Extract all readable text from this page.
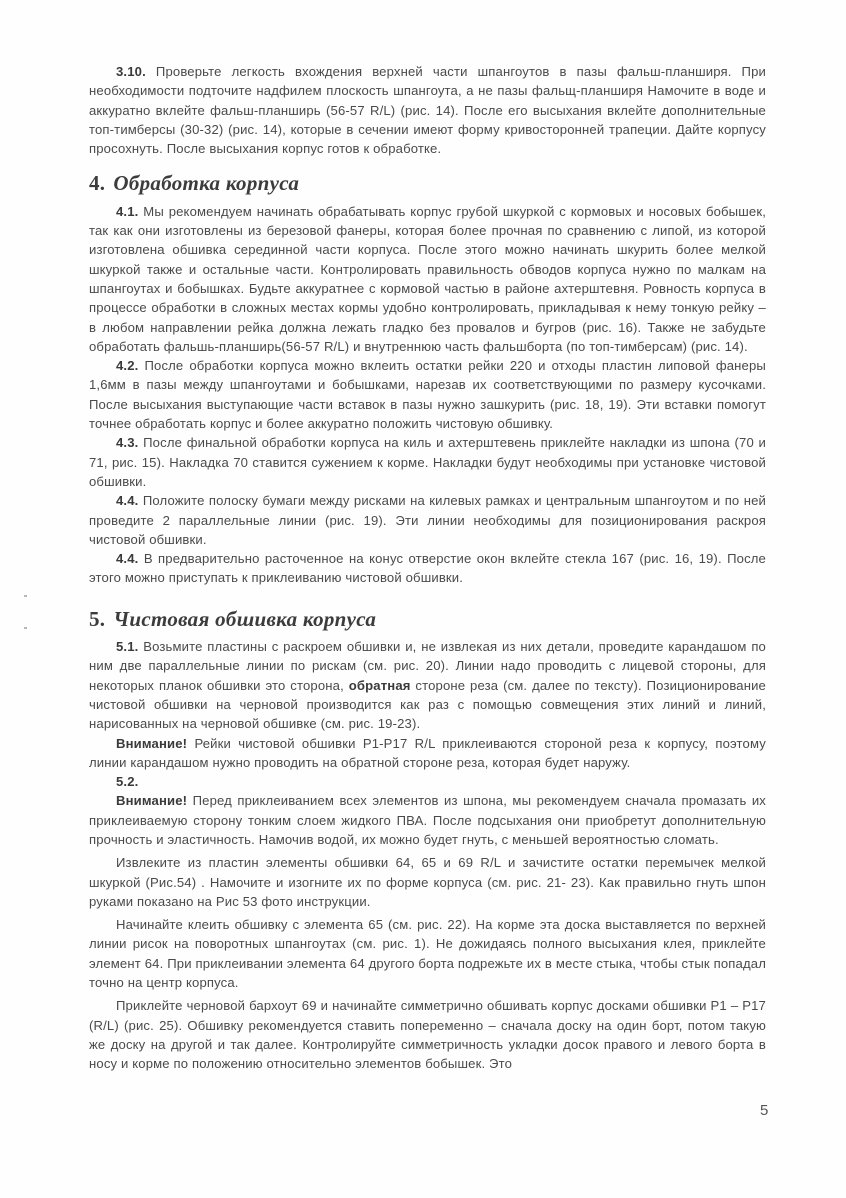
3.10. Проверьте легкость вхождения верхней части шпангоутов в пазы фальш-планширя. При необходимости подточите надфилем плоскость шпангоута, а не пазы фальщ-планширя Намочите в воде и аккуратно вклейте фальш-планширь (56-57 R/L) (рис. 14). После его высыхания вклейте дополнительные топ-тимберсы (30-32) (рис. 14), которые в сечении имеют форму кривосторонней трапеции. Дайте корпусу просохнуть. После высыхания корпус готов к обработке.

4. Обработка корпуса

4.1. Мы рекомендуем начинать обрабатывать корпус грубой шкуркой с кормовых и носовых бобышек, так как они изготовлены из березовой фанеры, которая более прочная по сравнению с липой, из которой изготовлена обшивка серединной части корпуса. После этого можно начинать шкурить более мелкой шкуркой также и остальные части. Контролировать правильность обводов корпуса нужно по малкам на шпангоутах и бобышках. Будьте аккуратнее с кормовой частью в районе ахтерштевня. Ровность корпуса в процессе обработки в сложных местах кормы удобно контролировать, прикладывая к нему тонкую рейку – в любом направлении рейка должна лежать гладко без провалов и бугров (рис. 16). Также не забудьте обработать фальшь-планширь(56-57 R/L) и внутреннюю часть фальшборта (по топ-тимберсам) (рис. 14).

4.2. После обработки корпуса можно вклеить остатки рейки 220 и отходы пластин липовой фанеры 1,6мм в пазы между шпангоутами и бобышками, нарезав их соответствующими по размеру кусочками. После высыхания выступающие части вставок в пазы нужно зашкурить (рис. 18, 19). Эти вставки помогут точнее обработать корпус и более аккуратно положить чистовую обшивку.

4.3. После финальной обработки корпуса на киль и ахтерштевень приклейте накладки из шпона (70 и 71, рис. 15). Накладка 70 ставится сужением к корме. Накладки будут необходимы при установке чистовой обшивки.

4.4. Положите полоску бумаги между рисками на килевых рамках и центральным шпангоутом и по ней проведите 2 параллельные линии (рис. 19). Эти линии необходимы для позиционирования раскроя чистовой обшивки.

4.4. В предварительно расточенное на конус отверстие окон вклейте стекла 167 (рис. 16, 19). После этого можно приступать к приклеиванию чистовой обшивки.

5. Чистовая обшивка корпуса

5.1. Возьмите пластины с раскроем обшивки и, не извлекая из них детали, проведите карандашом по ним две параллельные линии по рискам (см. рис. 20). Линии надо проводить с лицевой стороны, для некоторых планок обшивки это сторона, обратная стороне реза (см. далее по тексту). Позиционирование чистовой обшивки на черновой производится как раз с помощью совмещения этих линий и линий, нарисованных на черновой обшивке (см. рис. 19-23).

Внимание! Рейки чистовой обшивки Р1-Р17 R/L приклеиваются стороной реза к корпусу, поэтому линии карандашом нужно проводить на обратной стороне реза, которая будет наружу.

5.2.

Внимание! Перед приклеиванием всех элементов из шпона, мы рекомендуем сначала промазать их приклеиваемую сторону тонким слоем жидкого ПВА. После подсыхания они приобретут дополнительную прочность и эластичность. Намочив водой, их можно будет гнуть, с меньшей вероятностью сломать.

Извлеките из пластин элементы обшивки 64, 65 и 69 R/L и зачистите остатки перемычек мелкой шкуркой (Рис.54) . Намочите и изогните их по форме корпуса (см. рис. 21- 23). Как правильно гнуть шпон руками показано на Рис 53 фото инструкции.

Начинайте клеить обшивку с элемента 65 (см. рис. 22). На корме эта доска выставляется по верхней линии рисок на поворотных шпангоутах (см. рис. 1). Не дожидаясь полного высыхания клея, приклейте элемент 64. При приклеивании элемента 64 другого борта подрежьте их в месте стыка, чтобы стык попадал точно на центр корпуса.

Приклейте черновой бархоут 69 и начинайте симметрично обшивать корпус досками обшивки Р1 – Р17 (R/L) (рис. 25). Обшивку рекомендуется ставить попеременно – сначала доску на один борт, потом такую же доску на другой и так далее. Контролируйте симметричность укладки досок правого и левого борта в носу и корме по положению относительно элементов бобышек. Это

5
